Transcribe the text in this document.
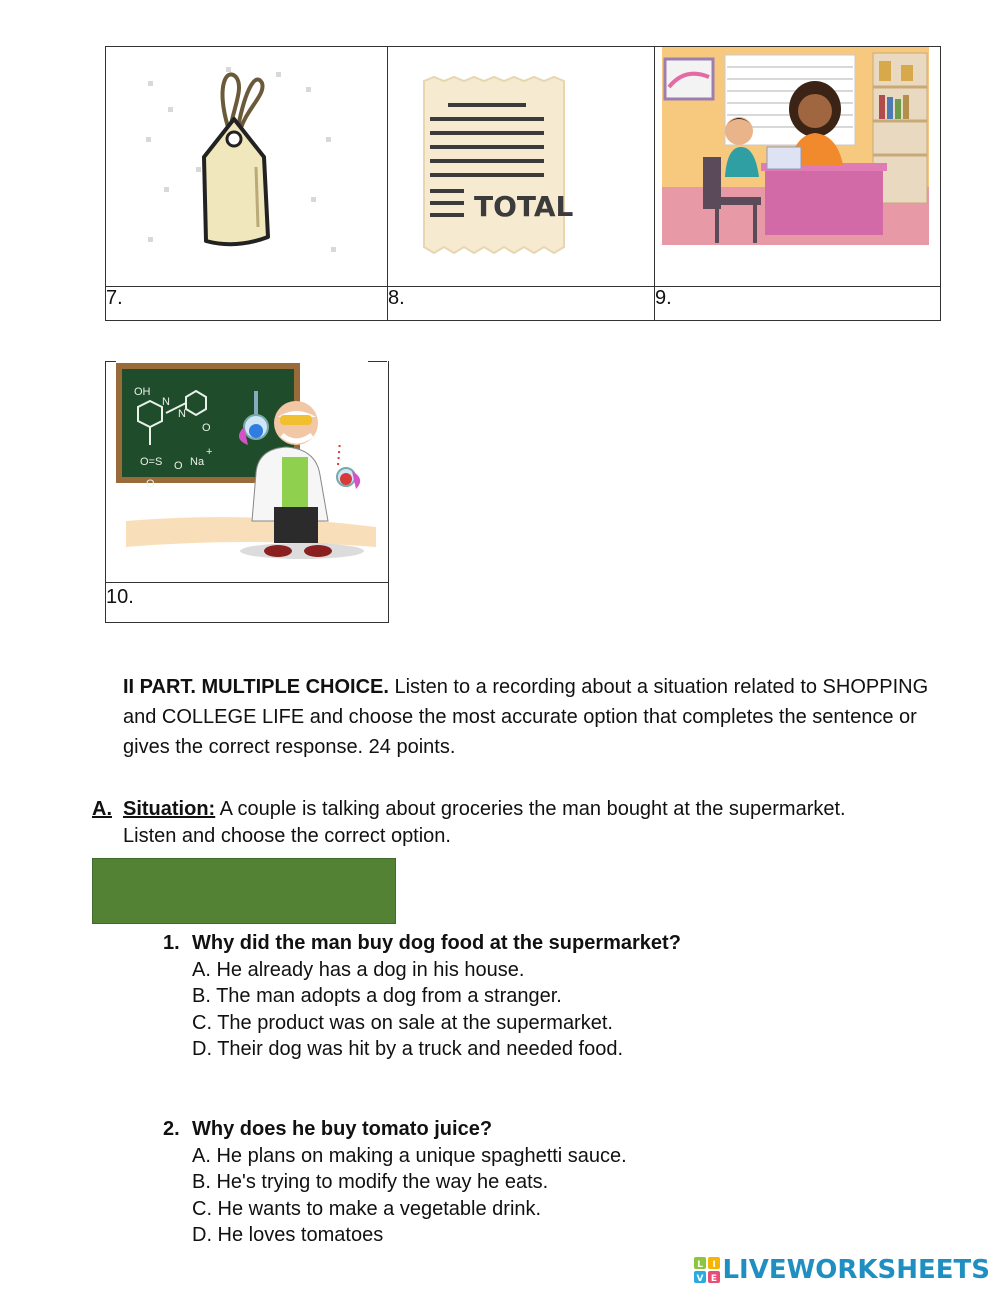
TOTAL

7.	8.	9.
OH
N
N
O
O=S O Na
+
O

10.
II PART. MULTIPLE CHOICE. Listen to a recording about a situation related to SHOPPING and COLLEGE LIFE and choose the most accurate option that completes the sentence or gives the correct response. 24 points.
A. Situation: A couple is talking about groceries the man bought at the supermarket.
Listen and choose the correct option.
1. Why did the man buy dog food at the supermarket?
A. He already has a dog in his house.
B. The man adopts a dog from a stranger.
C. The product was on sale at the supermarket.
D. Their dog was hit by a truck and needed food.
2. Why does he buy tomato juice?
A. He plans on making a unique spaghetti sauce.
B. He's trying to modify the way he eats.
C. He wants to make a vegetable drink.
D. He loves tomatoes
L I
V E LIVEWORKSHEETS
